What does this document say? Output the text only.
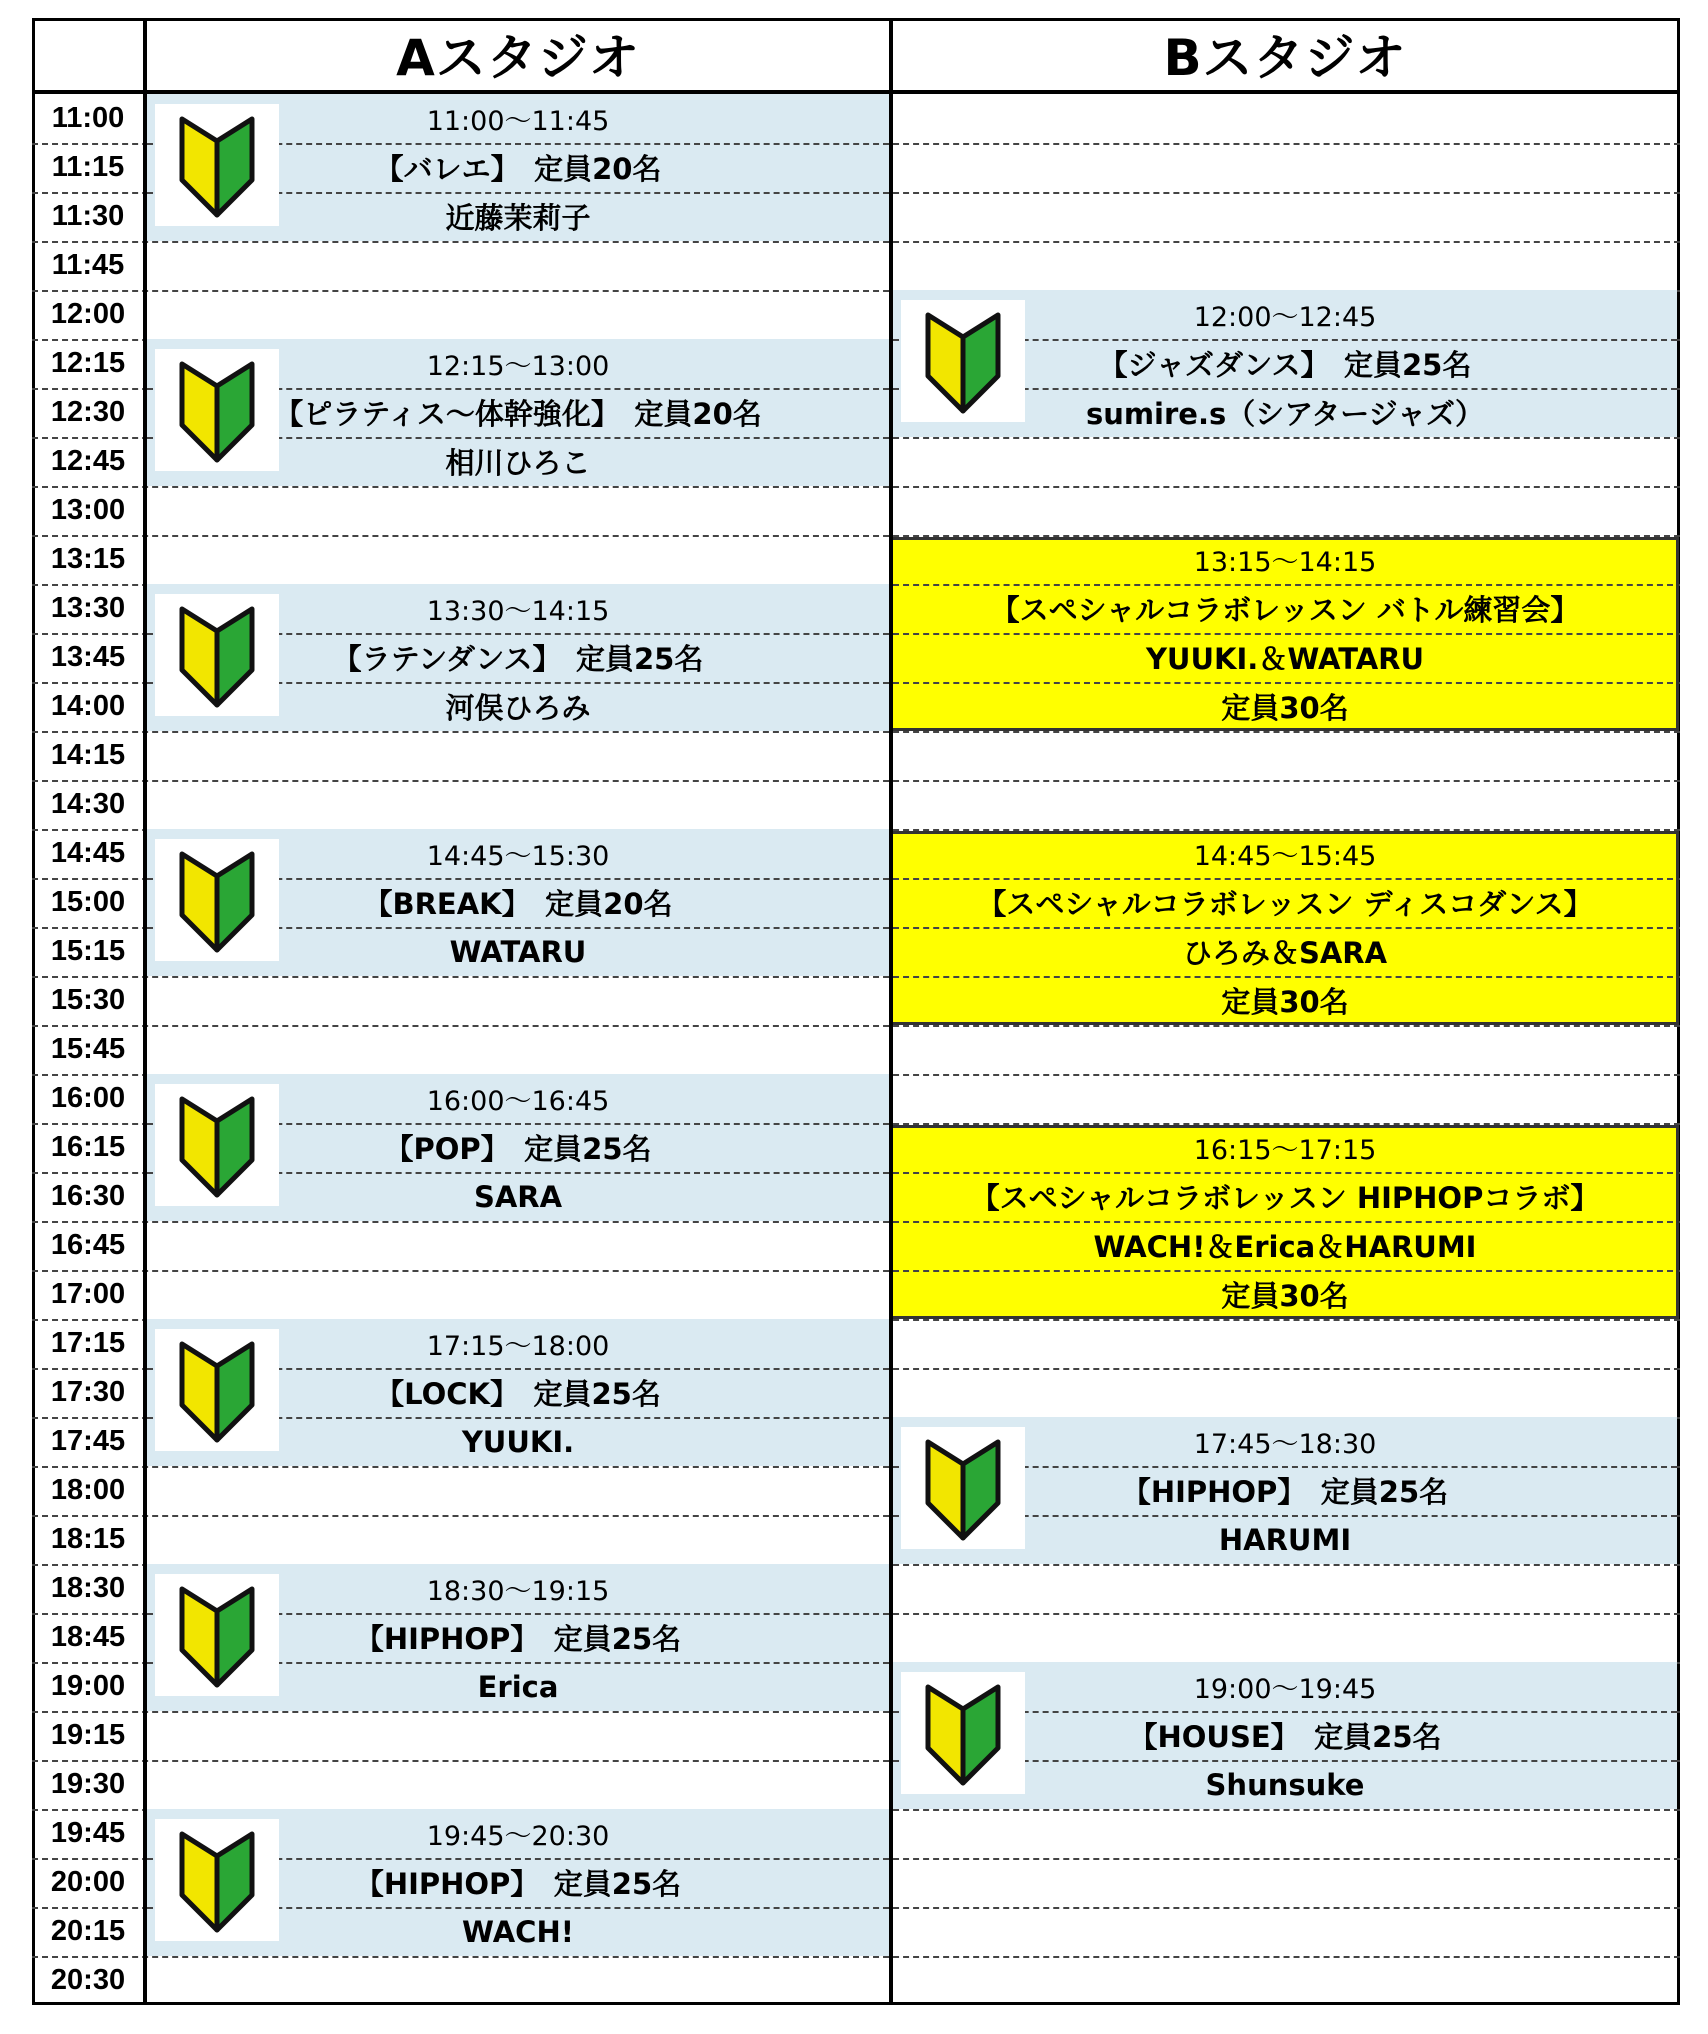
Aスタジオ	Bスタジオ
11:00
11:15
11:30
11:45
12:00
12:15
12:30
12:45
13:00
13:15
13:30
13:45
14:00
14:15
14:30
14:45
15:00
15:15
15:30
15:45
16:00
16:15
16:30
16:45
17:00
17:15
17:30
17:45
18:00
18:15
18:30
18:45
19:00
19:15
19:30
19:45
20:00
20:15
20:30
11:00〜11:45
【バレエ】　定員20名
近藤茉莉子
12:15〜13:00
【ピラティス〜体幹強化】　定員20名
相川ひろこ
13:30〜14:15
【ラテンダンス】　定員25名
河俣ひろみ
14:45〜15:30
【BREAK】　定員20名
WATARU
16:00〜16:45
【POP】　定員25名
SARA
17:15〜18:00
【LOCK】　定員25名
YUUKI.
18:30〜19:15
【HIPHOP】　定員25名
Erica
19:45〜20:30
【HIPHOP】　定員25名
WACH!
12:00〜12:45
【ジャズダンス】　定員25名
sumire.s（シアタージャズ）
17:45〜18:30
【HIPHOP】　定員25名
HARUMI
19:00〜19:45
【HOUSE】　定員25名
Shunsuke
13:15〜14:15
【スペシャルコラボレッスン バトル練習会】
YUUKI.＆WATARU
定員30名
14:45〜15:45
【スペシャルコラボレッスン ディスコダンス】
ひろみ＆SARA
定員30名
16:15〜17:15
【スペシャルコラボレッスン HIPHOPコラボ】
WACH!＆Erica＆HARUMI
定員30名
